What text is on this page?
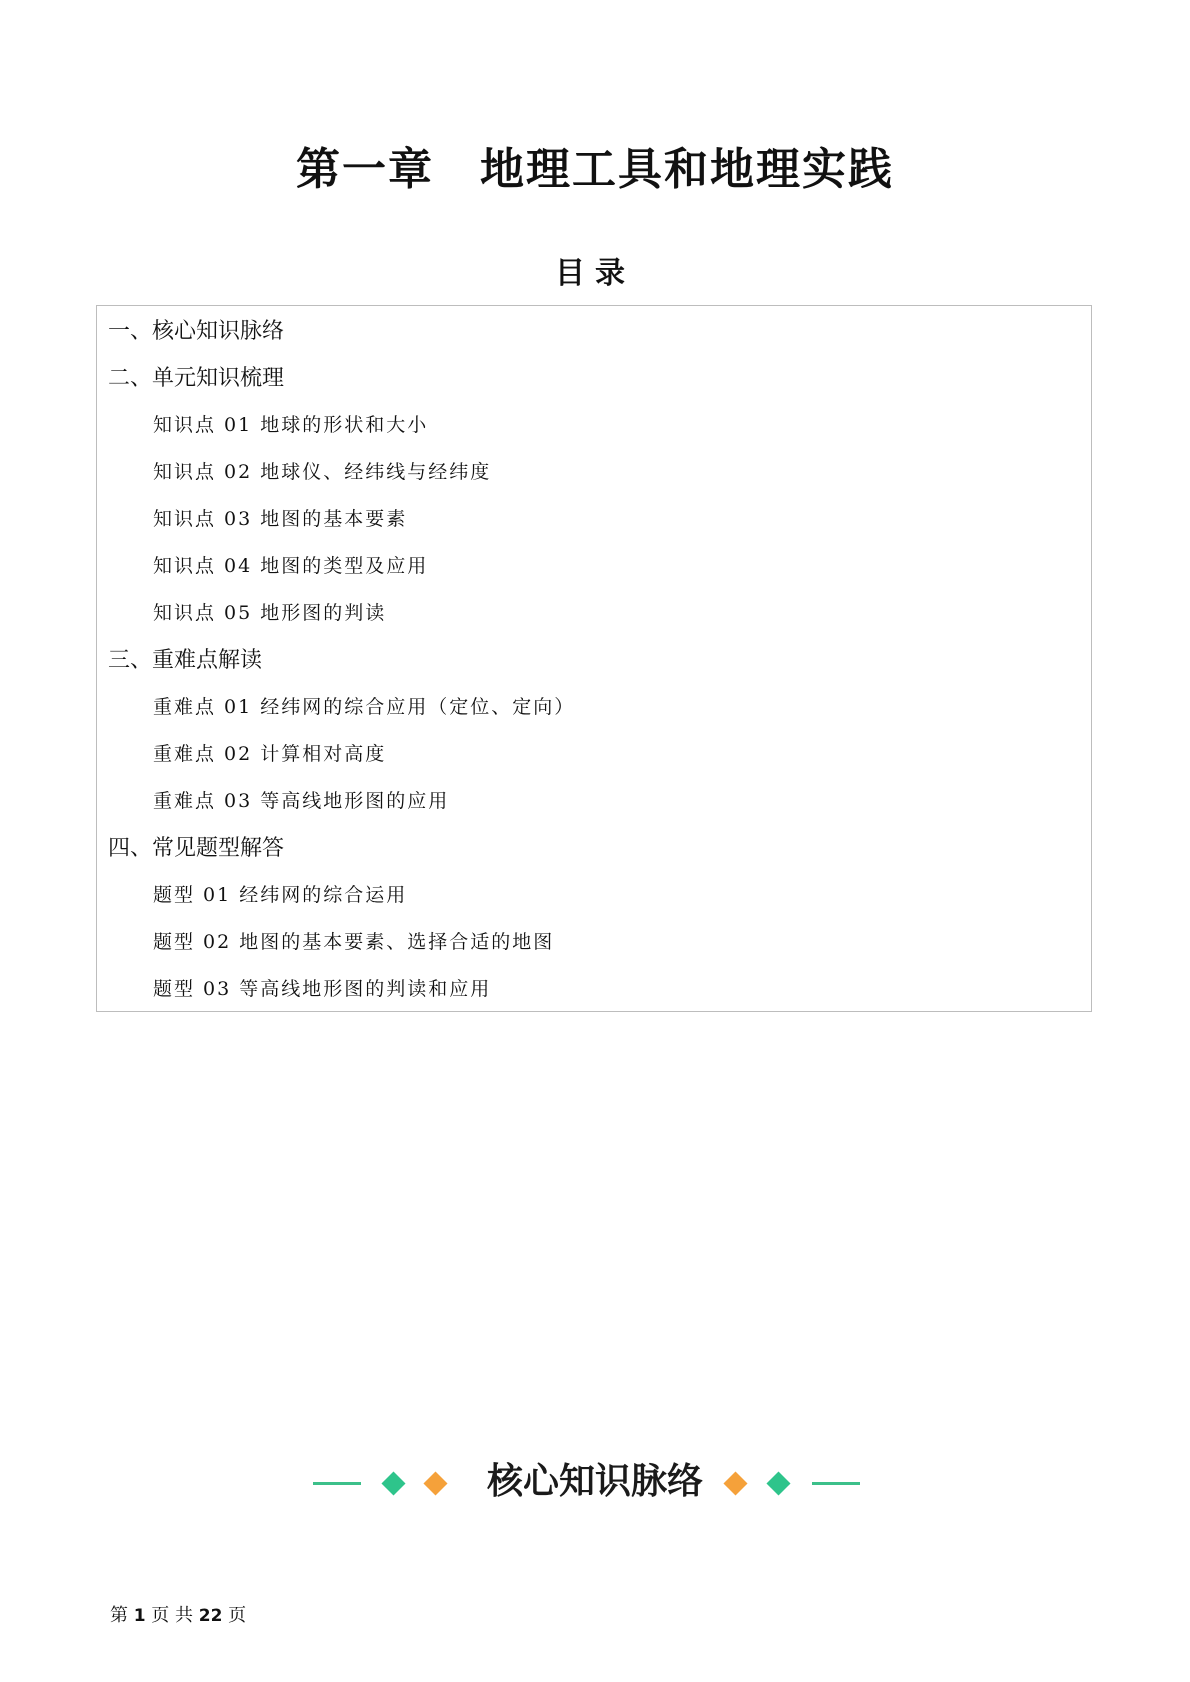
第一章　地理工具和地理实践
目录
一、核心知识脉络
二、单元知识梳理
知识点 01 地球的形状和大小
知识点 02 地球仪、经纬线与经纬度
知识点 03 地图的基本要素
知识点 04 地图的类型及应用
知识点 05 地形图的判读
三、重难点解读
重难点 01 经纬网的综合应用（定位、定向）
重难点 02 计算相对高度
重难点 03 等高线地形图的应用
四、常见题型解答
题型 01 经纬网的综合运用
题型 02 地图的基本要素、选择合适的地图
题型 03 等高线地形图的判读和应用
核心知识脉络
第 1 页 共 22 页
